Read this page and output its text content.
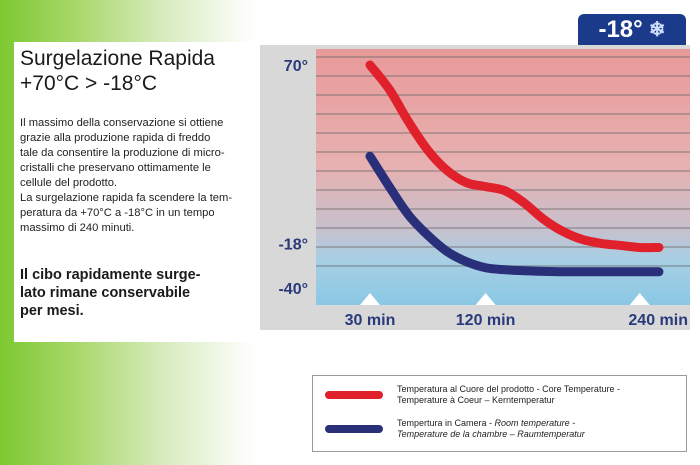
Surgelazione Rapida
+70°C > -18°C

Il massimo della conservazione si ottiene
grazie alla produzione rapida di freddo
tale da consentire la produzione di micro-
cristalli che preservano ottimamente le
cellule del prodotto.

La surgelazione rapida fa scendere la tem-
peratura da +70°C a -18°C in un tempo
massimo di 240 minuti.

Il cibo rapidamente surge-
lato rimane conservabile
per mesi.
-18° ❄
70°
-18°
-40°
30 min	120 min	240 min
Temperatura al Cuore del prodotto - Core Temperature -
Temperature à Coeur – Kerntemperatur
Tempertura in Camera - Room temperature -
Temperature de la chambre – Raumtemperatur
